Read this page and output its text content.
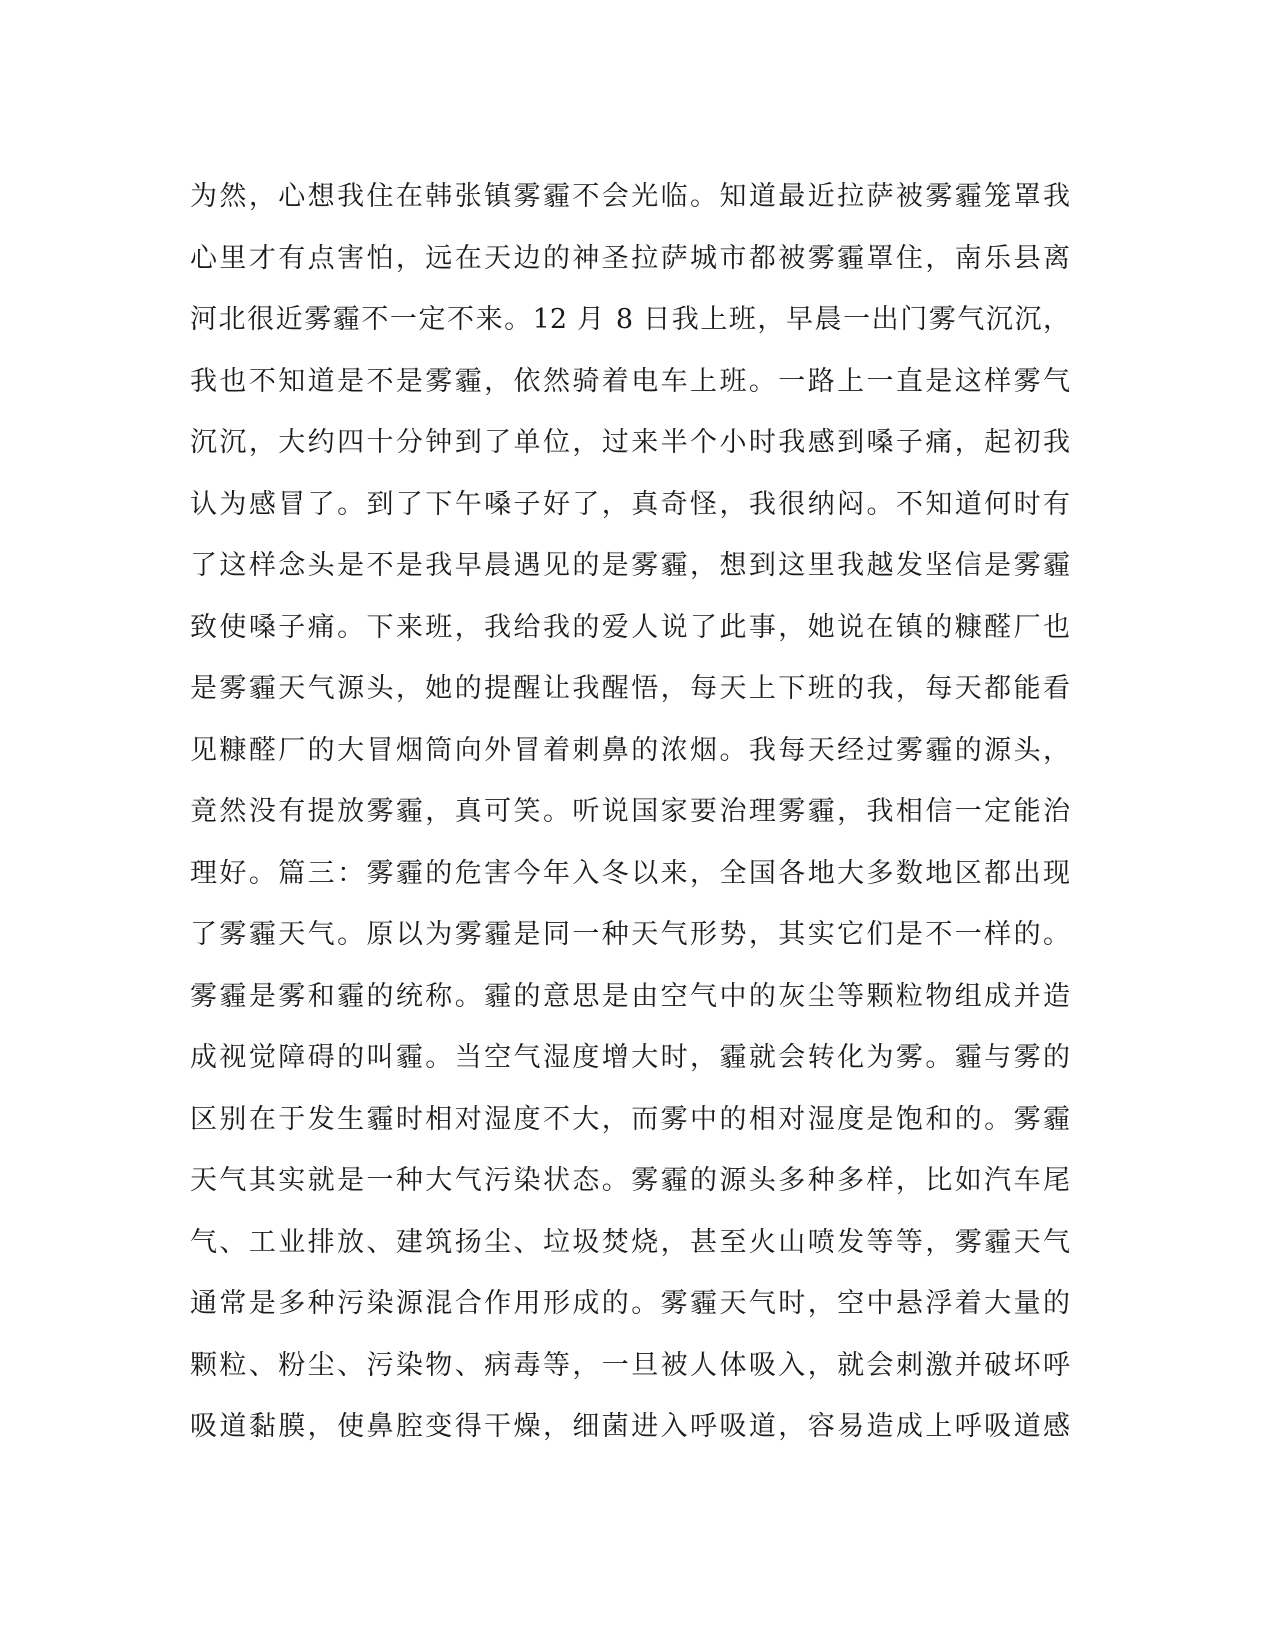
为然，心想我住在韩张镇雾霾不会光临。知道最近拉萨被雾霾笼罩我
心里才有点害怕，远在天边的神圣拉萨城市都被雾霾罩住，南乐县离
河北很近雾霾不一定不来。12 月 8 日我上班，早晨一出门雾气沉沉，
我也不知道是不是雾霾，依然骑着电车上班。一路上一直是这样雾气
沉沉，大约四十分钟到了单位，过来半个小时我感到嗓子痛，起初我
认为感冒了。到了下午嗓子好了，真奇怪，我很纳闷。不知道何时有
了这样念头是不是我早晨遇见的是雾霾，想到这里我越发坚信是雾霾
致使嗓子痛。下来班，我给我的爱人说了此事，她说在镇的糠醛厂也
是雾霾天气源头，她的提醒让我醒悟，每天上下班的我，每天都能看
见糠醛厂的大冒烟筒向外冒着刺鼻的浓烟。我每天经过雾霾的源头，
竟然没有提放雾霾，真可笑。听说国家要治理雾霾，我相信一定能治
理好。篇三：雾霾的危害今年入冬以来，全国各地大多数地区都出现
了雾霾天气。原以为雾霾是同一种天气形势，其实它们是不一样的。
雾霾是雾和霾的统称。霾的意思是由空气中的灰尘等颗粒物组成并造
成视觉障碍的叫霾。当空气湿度增大时，霾就会转化为雾。霾与雾的
区别在于发生霾时相对湿度不大，而雾中的相对湿度是饱和的。雾霾
天气其实就是一种大气污染状态。雾霾的源头多种多样，比如汽车尾
气、工业排放、建筑扬尘、垃圾焚烧，甚至火山喷发等等，雾霾天气
通常是多种污染源混合作用形成的。雾霾天气时，空中悬浮着大量的
颗粒、粉尘、污染物、病毒等，一旦被人体吸入，就会刺激并破坏呼
吸道黏膜，使鼻腔变得干燥，细菌进入呼吸道，容易造成上呼吸道感
